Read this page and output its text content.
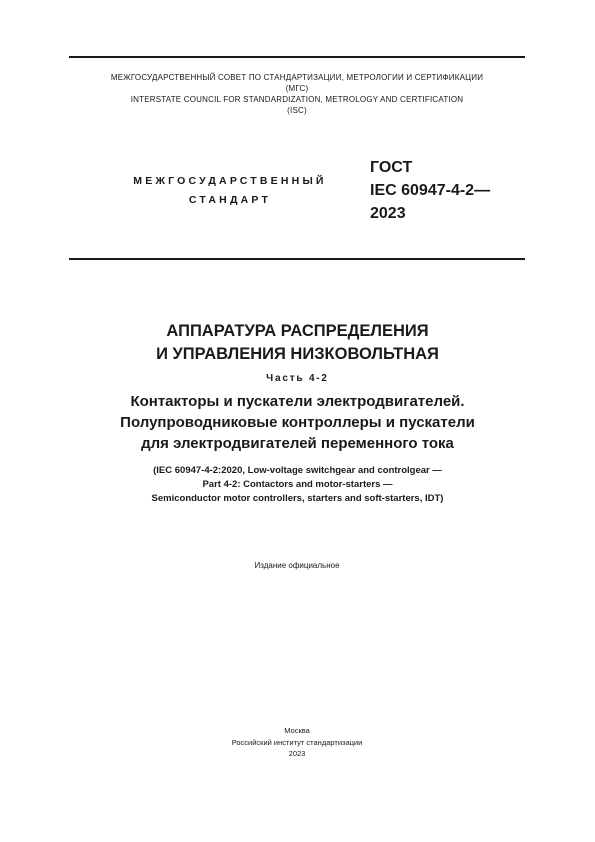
МЕЖГОСУДАРСТВЕННЫЙ СОВЕТ ПО СТАНДАРТИЗАЦИИ, МЕТРОЛОГИИ И СЕРТИФИКАЦИИ
(МГС)
INTERSTATE COUNCIL FOR STANDARDIZATION, METROLOGY AND CERTIFICATION
(ISC)
МЕЖГОСУДАРСТВЕННЫЙ
СТАНДАРТ
ГОСТ
IEC 60947-4-2—
2023
АППАРАТУРА РАСПРЕДЕЛЕНИЯ
И УПРАВЛЕНИЯ НИЗКОВОЛЬТНАЯ
Часть 4-2
Контакторы и пускатели электродвигателей.
Полупроводниковые контроллеры и пускатели
для электродвигателей переменного тока
(IEC 60947-4-2:2020, Low-voltage switchgear and controlgear —
Part 4-2: Contactors and motor-starters —
Semiconductor motor controllers, starters and soft-starters, IDT)
Издание официальное
Москва
Российский институт стандартизации
2023
